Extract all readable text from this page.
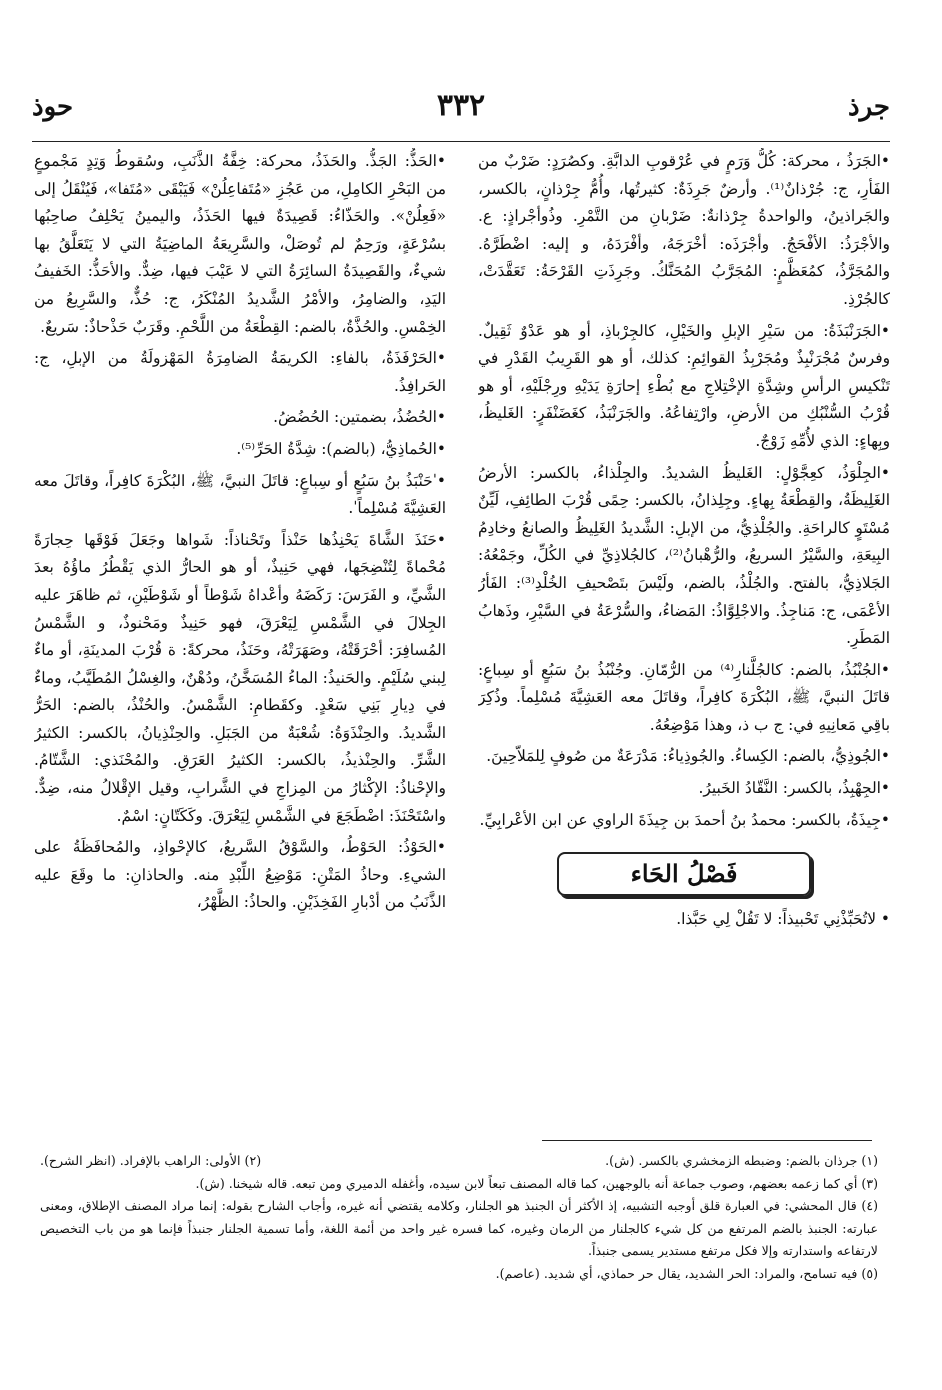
جرذ
٣٣٢
حوذ

•الجَرَذُ ، محركة: كُلُّ وَرَمٍ في عُرْقوبِ الدابَّةِ. وكصُرَدٍ: ضَرْبٌ من الفَأرِ، ج: جُرْذانٌ⁽¹⁾. وأرضٌ جَرِذَةٌ: كثيرتُها، وأُمُّ جِرْذانٍ، بالكسر، والجَراذينُ، والواحدةُ جِرْذانةٌ: ضَرْبانِ من التَّمْرِ. وذُوأجْراذٍ: ع. والأجْرَذُ: الأفْحَجُ. وأجْرَذَه: أخْرَجَهُ، وأفْرَدَهُ، و إليه: اضْطَرَّهُ. والمُجَرَّذُ، كمُعَظَّمٍ: المُجَرَّبُ المُحَنَّكُ. وجَرِذَتِ القَرْحَةُ: تَعَقَّدَتْ، كالجُرْذِ.

•الجَرَنْبَذَةُ: من سَيْرِ الإبلِ والخَيْلِ، كالجِرْباذِ، أو هو عَدْوٌ ثَقِيلٌ. وفرسٌ مُجْرَنْبِذٌ ومُجَرْبِذُ القوائِمِ: كذلك، أو هو القَرِيبُ القَدْرِ في تَنْكيسِ الرأسِ وشِدَّةِ الإخْتِلاجِ مع بُطْءِ إحارَةِ يَدَيْهِ ورِجْلَيْهِ، أو هو قُرْبُ السُّنْبُكِ من الأرضِ، وارْتِفاعُهُ. والجَرَنْبَذُ، كغَضَنْفَرٍ: الغَليظُ، وبِهاءٍ: الذي لأُمِّهِ زَوْجٌ.

•الجِلْوَذُ، كعِجَّوْلٍ: الغَليظُ الشديدُ. والجِلْذاءُ، بالكسر: الأرضُ الغَلِيظَةُ، والقِطْعَةُ بِهاءٍ. وجِلِذانُ، بالكسر: حِمًى قُرْبَ الطائِفِ، لَيِّنٌ مُسْتَوٍ كالراحَةِ. والجُلْذِيُّ، من الإبلِ: الشَّديدُ الغَلِيظُ والصانعُ وخادِمُ البِيعَةِ، والسَّيْرُ السريعُ، والرُّهْبانُ⁽²⁾، كالجُلاذِيِّ في الكُلِّ، وجَمْعُهُ: الجَلاذِيُّ، بالفتح. والجُلْذُ، بالضم، ولَيْسَ بتَصْحيفِ الخُلْدِ⁽³⁾: الفَأرُ الأعْمَى، ج: مَناجِذُ. والاجْلِوَّاذُ: المَضاءُ، والسُّرْعَةُ في السَّيْرِ، وذَهابُ المَطَرِ.

•الجُنْبُذُ، بالضم: كالجُلَّنارِ⁽⁴⁾ من الرُّمّانِ. وجُنْبُذُ بنُ سَبُعٍ أو سِباعٍ: قاتَلَ النبيَّ، ﷺ، البُكْرَةَ كافِراً، وقاتَلَ معه العَشِيَّةَ مُسْلِماً. وذُكِرَ باقِي مَعانِيهِ في: ج ب ذ، وهذا مَوْضِعُهُ.

•الجُوذِيُّ، بالضم: الكِساءُ. والجُوذِياءُ: مَدْرَعَةٌ من صُوفٍ لِلمَلاّحِينَ.

•الجِهْبِذُ، بالكسر: النَّقّادُ الخَبيرُ.

•جِيذَةُ، بالكسر: محمدُ بنُ أحمدَ بن جِيذَةَ الراوي عن ابن الأعْرابِيِّ.

فَصْلُ الحَاء

• لاتُحَبِّذْنِي تَحْبيذاً: لا تَقُلْ لِي حَبَّذا.

•الحَذُّ: الجَذُّ. والحَذَذُ، محركة: خِفَّةُ الذَّنَبِ، وسُقوطُ وَتِدٍ مَجْموعٍ من البَحْرِ الكامِلِ، من عَجُزِ «مُتَفاعِلُنْ» فَيَبْقَى «مُتَفا»، فَيُنْقَلُ إلى «فَعِلُنْ». والحَذّاءُ: قَصِيدَةٌ فيها الحَذَذُ، واليمينُ يَحْلِفُ صاحِبُها بسُرْعَةٍ، ورَحِمٌ لم تُوصَلْ، والسَّرِيعَةُ الماضِيَةُ التي لا يَتَعَلَّقُ بها شيءٌ، والقَصِيدَةُ السائِرَةُ التي لا عَيْبَ فيها، ضِدٌّ. والأحَذُّ: الخَفيفُ اليَدِ، والضامِرُ، والأمْرُ الشَّديدُ المُنْكَرُ، ج: حُذٌّ، والسَّرِيعُ من الخِمْسِ. والحُذَّةُ، بالضم: القِطْعَةُ من اللَّحْمِ. وقَرَبٌ حَذْحاذٌ: سَريعٌ.

•الحَرْفَذَةُ، بالفاءِ: الكريمَةُ الضامِرَةُ المَهْزولَةُ من الإبلِ، ج: الحَرافِذُ.

•الحُضُذُ، بضمتين: الحُضُضُ.

•الحُماذِيُّ، (بالضم): شِدَّةُ الحَرِّ⁽⁵⁾.

•ˈحَنْبَذُ بنُ سَبُعٍ أو سِباعٍ: قاتَلَ النبيَّ، ﷺ، البُكْرَةَ كافِراً، وقاتَلَ معه العَشِيَّةَ مُسْلِماًˈ.

•حَنَذَ الشَّاةَ يَحْنِذُها حَنْذاً وتَحْناذاً: شَواها وجَعَلَ فَوْقَها حِجارَةً مُحْماةً لِتُنْضِجَها، فهي حَنِيذٌ، أو هو الحارُّ الذي يَقْطُرُ ماؤُهُ بعدَ الشَّيِّ، و الفَرَسَ: رَكَضَهُ وأعْداهُ شَوْطاً أو شَوْطَيْنِ، ثم ظاهَرَ عليه الجِلالَ في الشَّمْسِ لِيَعْرَقَ، فهو حَنِيذٌ ومَحْنوذٌ، و الشَّمْسُ المُسافِرَ: أحْرَقَتْهُ، وصَهَرَتْهُ، وحَنَذُ، محركةً: ة قُرْبَ المدينَةِ، أو ماءٌ لِبني سُلَيْمٍ. والحَنيذُ: الماءُ المُسَخَّنُ، ودُهْنٌ، والغِسْلُ المُطَيَّبُ، وماءٌ في دِيارِ بَنِي سَعْدٍ. وكقَطامِ: الشَّمْسُ. والحُنْذُ، بالضم: الحَرُّ الشَّديدُ. والحِنْذَوَةُ: شُعْبَةٌ من الجَبَلِ. والحِنْذِيانُ، بالكسر: الكثيرُ الشَّرِّ. والحِنْذيذُ، بالكسر: الكثيرُ العَرَقِ. والمُحْنَذي: الشَّتّامُ. والإحْناذُ: الإكْثارُ من المِزاجِ في الشَّرابِ، وقيل الإقْلالُ منه، ضِدٌّ. واسْتَحْنَذَ: اضْطَجَعَ في الشَّمْسِ لِيَعْرَقَ. وكَكَتّانٍ: اسْمٌ.

•الحَوْذُ: الحَوْطُ، والسَّوْقُ السَّريعُ، كالإحْواذِ، والمُحافَظَةُ على الشيءِ. وحاذُ المَتْنِ: مَوْضِعُ اللِّبْدِ منه. والحاذانِ: ما وقَعَ عليه الذَّنَبُ من أدْبارِ الفَخِذَيْنِ. والحاذُ: الظَّهْرُ،

(١) جرذان بالضم: وضبطه الزمخشري بالكسر. (ش).
(٢) الأولى: الراهب بالإفراد. (انظر الشرح).
(٣) أي كما زعمه بعضهم، وصوب جماعة أنه بالوجهين، كما قاله المصنف تبعاً لابن سيده، وأغفله الدميري ومن تبعه. قاله شيخنا. (ش).
(٤) قال المحشي: في العبارة قلق أوجبه التشبيه، إذ الأكثر أن الجنبذ هو الجلنار، وكلامه يقتضي أنه غيره، وأجاب الشارح بقوله: إنما مراد المصنف الإطلاق، ومعنى عبارته: الجنبذ بالضم المرتفع من كل شيء كالجلنار من الرمان وغيره، كما فسره غير واحد من أئمة اللغة، وأما تسمية الجلنار جنبذاً فإنما هو من باب التخصيص لارتفاعه واستدارته وإلا فكل مرتفع مستدير يسمى جنبذاً.
(٥) فيه تسامح، والمراد: الحر الشديد، يقال حر حماذي، أي شديد. (عاصم).
